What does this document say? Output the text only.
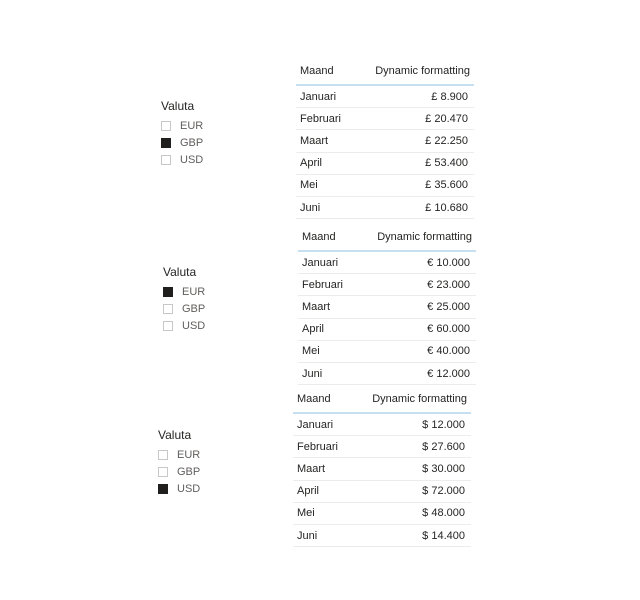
Valuta
EUR
GBP
USD
Maand	Dynamic formatting
Januari	£ 8.900
Februari	£ 20.470
Maart	£ 22.250
April	£ 53.400
Mei	£ 35.600
Juni	£ 10.680
Valuta
EUR
GBP
USD
Maand	Dynamic formatting
Januari	€ 10.000
Februari	€ 23.000
Maart	€ 25.000
April	€ 60.000
Mei	€ 40.000
Juni	€ 12.000
Valuta
EUR
GBP
USD
Maand	Dynamic formatting
Januari	$ 12.000
Februari	$ 27.600
Maart	$ 30.000
April	$ 72.000
Mei	$ 48.000
Juni	$ 14.400
